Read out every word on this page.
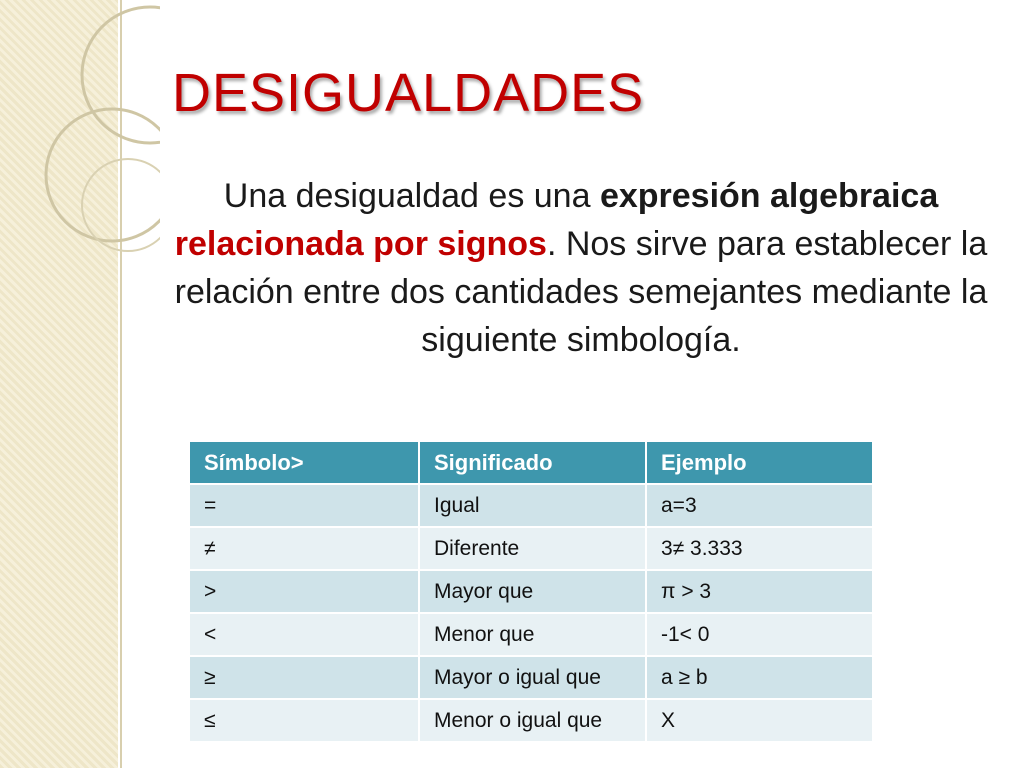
DESIGUALDADES

Una desigualdad es una expresión algebraica relacionada por signos. Nos sirve para establecer la relación entre dos cantidades semejantes mediante la siguiente simbología.

Símbolo>	Significado	Ejemplo
=	Igual	a=3
≠	Diferente	3≠ 3.333
>	Mayor que	π > 3
<	Menor que	-1< 0
≥	Mayor o igual que	a ≥ b
≤	Menor o igual que	X
